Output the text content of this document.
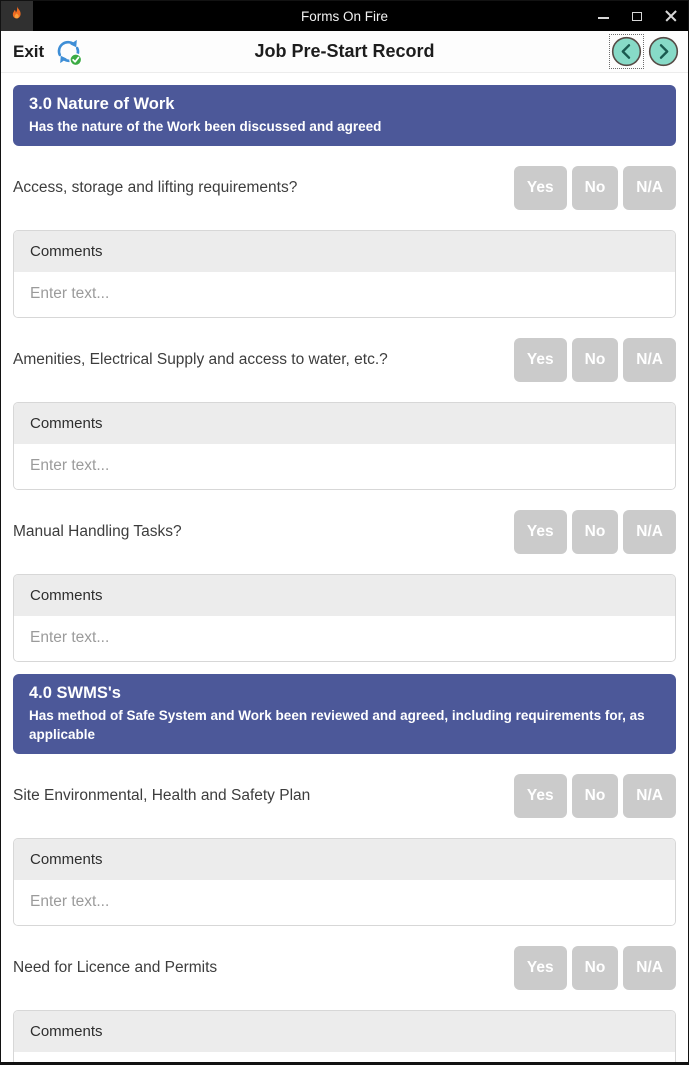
Forms On Fire
Exit	Job Pre-Start Record
3.0 Nature of Work
Has the nature of the Work been discussed and agreed
Access, storage and lifting requirements?	Yes	No	N/A
Comments
Enter text...
Amenities, Electrical Supply and access to water, etc.?	Yes	No	N/A
Comments
Enter text...
Manual Handling Tasks?	Yes	No	N/A
Comments
Enter text...
4.0 SWMS's
Has method of Safe System and Work been reviewed and agreed, including requirements for, as applicable
Site Environmental, Health and Safety Plan	Yes	No	N/A
Comments
Enter text...
Need for Licence and Permits	Yes	No	N/A
Comments
Enter text...
